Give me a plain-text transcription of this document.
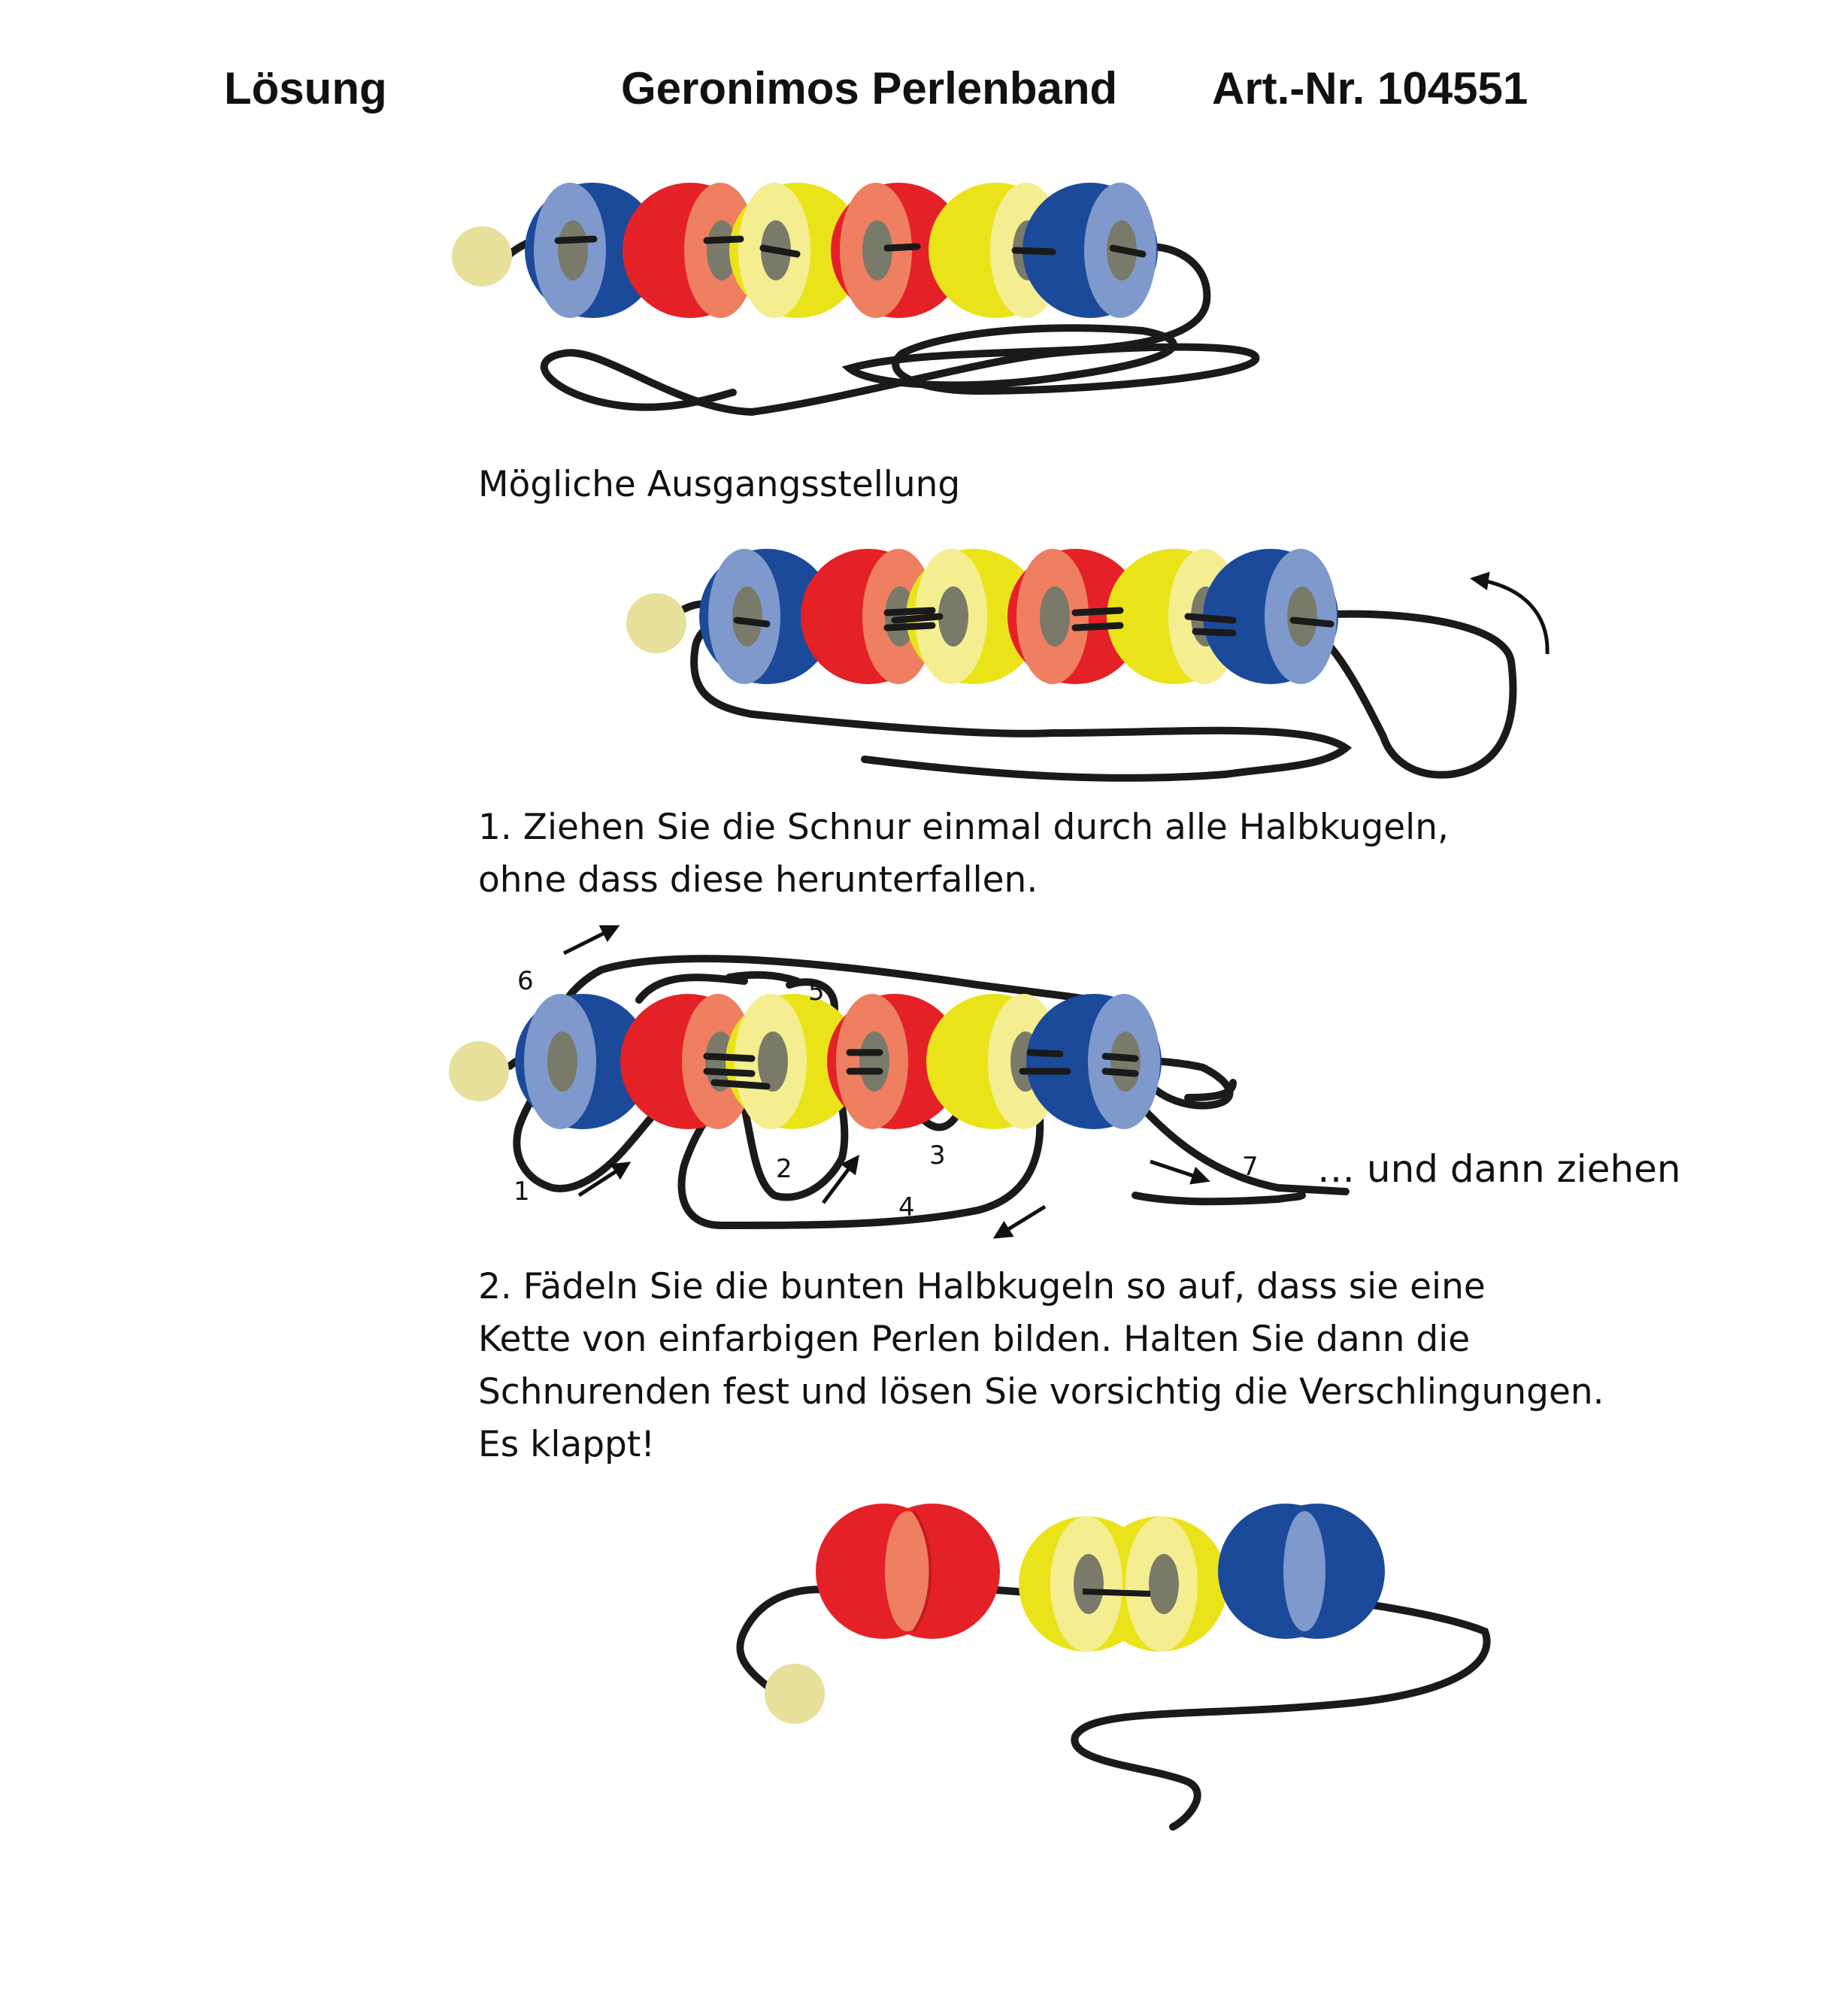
Lösung	Geronimos Perlenband Art.-Nr. 104551
1
2	3
4
5
6
7
Mögliche Ausgangsstellung
1. Ziehen Sie die Schnur einmal durch alle Halbkugeln,
ohne dass diese herunterfallen.
… und dann ziehen
2. Fädeln Sie die bunten Halbkugeln so auf, dass sie eine
Kette von einfarbigen Perlen bilden. Halten Sie dann die
Schnurenden fest und lösen Sie vorsichtig die Verschlingungen.
Es klappt!
